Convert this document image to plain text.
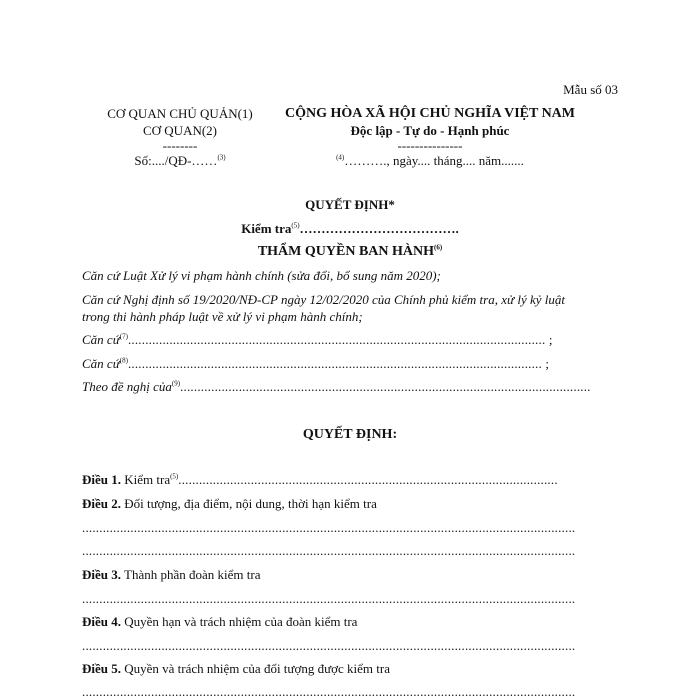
Mẫu số 03
CƠ QUAN CHỦ QUẢN(1)
CƠ QUAN(2)
--------
Số:..../QĐ-……$^{(3)}$
CỘNG HÒA XÃ HỘI CHỦ NGHĨA VIỆT NAM
Độc lập - Tự do - Hạnh phúc
---------------
$^{(4)}$………., ngày.... tháng.... năm.......
QUYẾT ĐỊNH*
Kiểm tra$^{(5)}$……………………………….
THẨM QUYỀN BAN HÀNH$^{(6)}$
Căn cứ Luật Xử lý vi phạm hành chính (sửa đổi, bổ sung năm 2020);
Căn cứ Nghị định số 19/2020/NĐ-CP ngày 12/02/2020 của Chính phủ kiểm tra, xử lý kỷ luật
trong thi hành pháp luật về xử lý vi phạm hành chính;
Căn cứ$^{(7)}$......................................................................................................................... ;
Căn cứ$^{(8)}$........................................................................................................................ ;
Theo đề nghị của$^{(9)}$.......................................................................................................................
QUYẾT ĐỊNH:
Điều 1. Kiểm tra$^{(5)}$..............................................................................................................
Điều 2. Đối tượng, địa điểm, nội dung, thời hạn kiểm tra
...............................................................................................................................................
...............................................................................................................................................
Điều 3. Thành phần đoàn kiểm tra
...............................................................................................................................................
Điều 4. Quyền hạn và trách nhiệm của đoàn kiểm tra
...............................................................................................................................................
Điều 5. Quyền và trách nhiệm của đối tượng được kiểm tra
...............................................................................................................................................
